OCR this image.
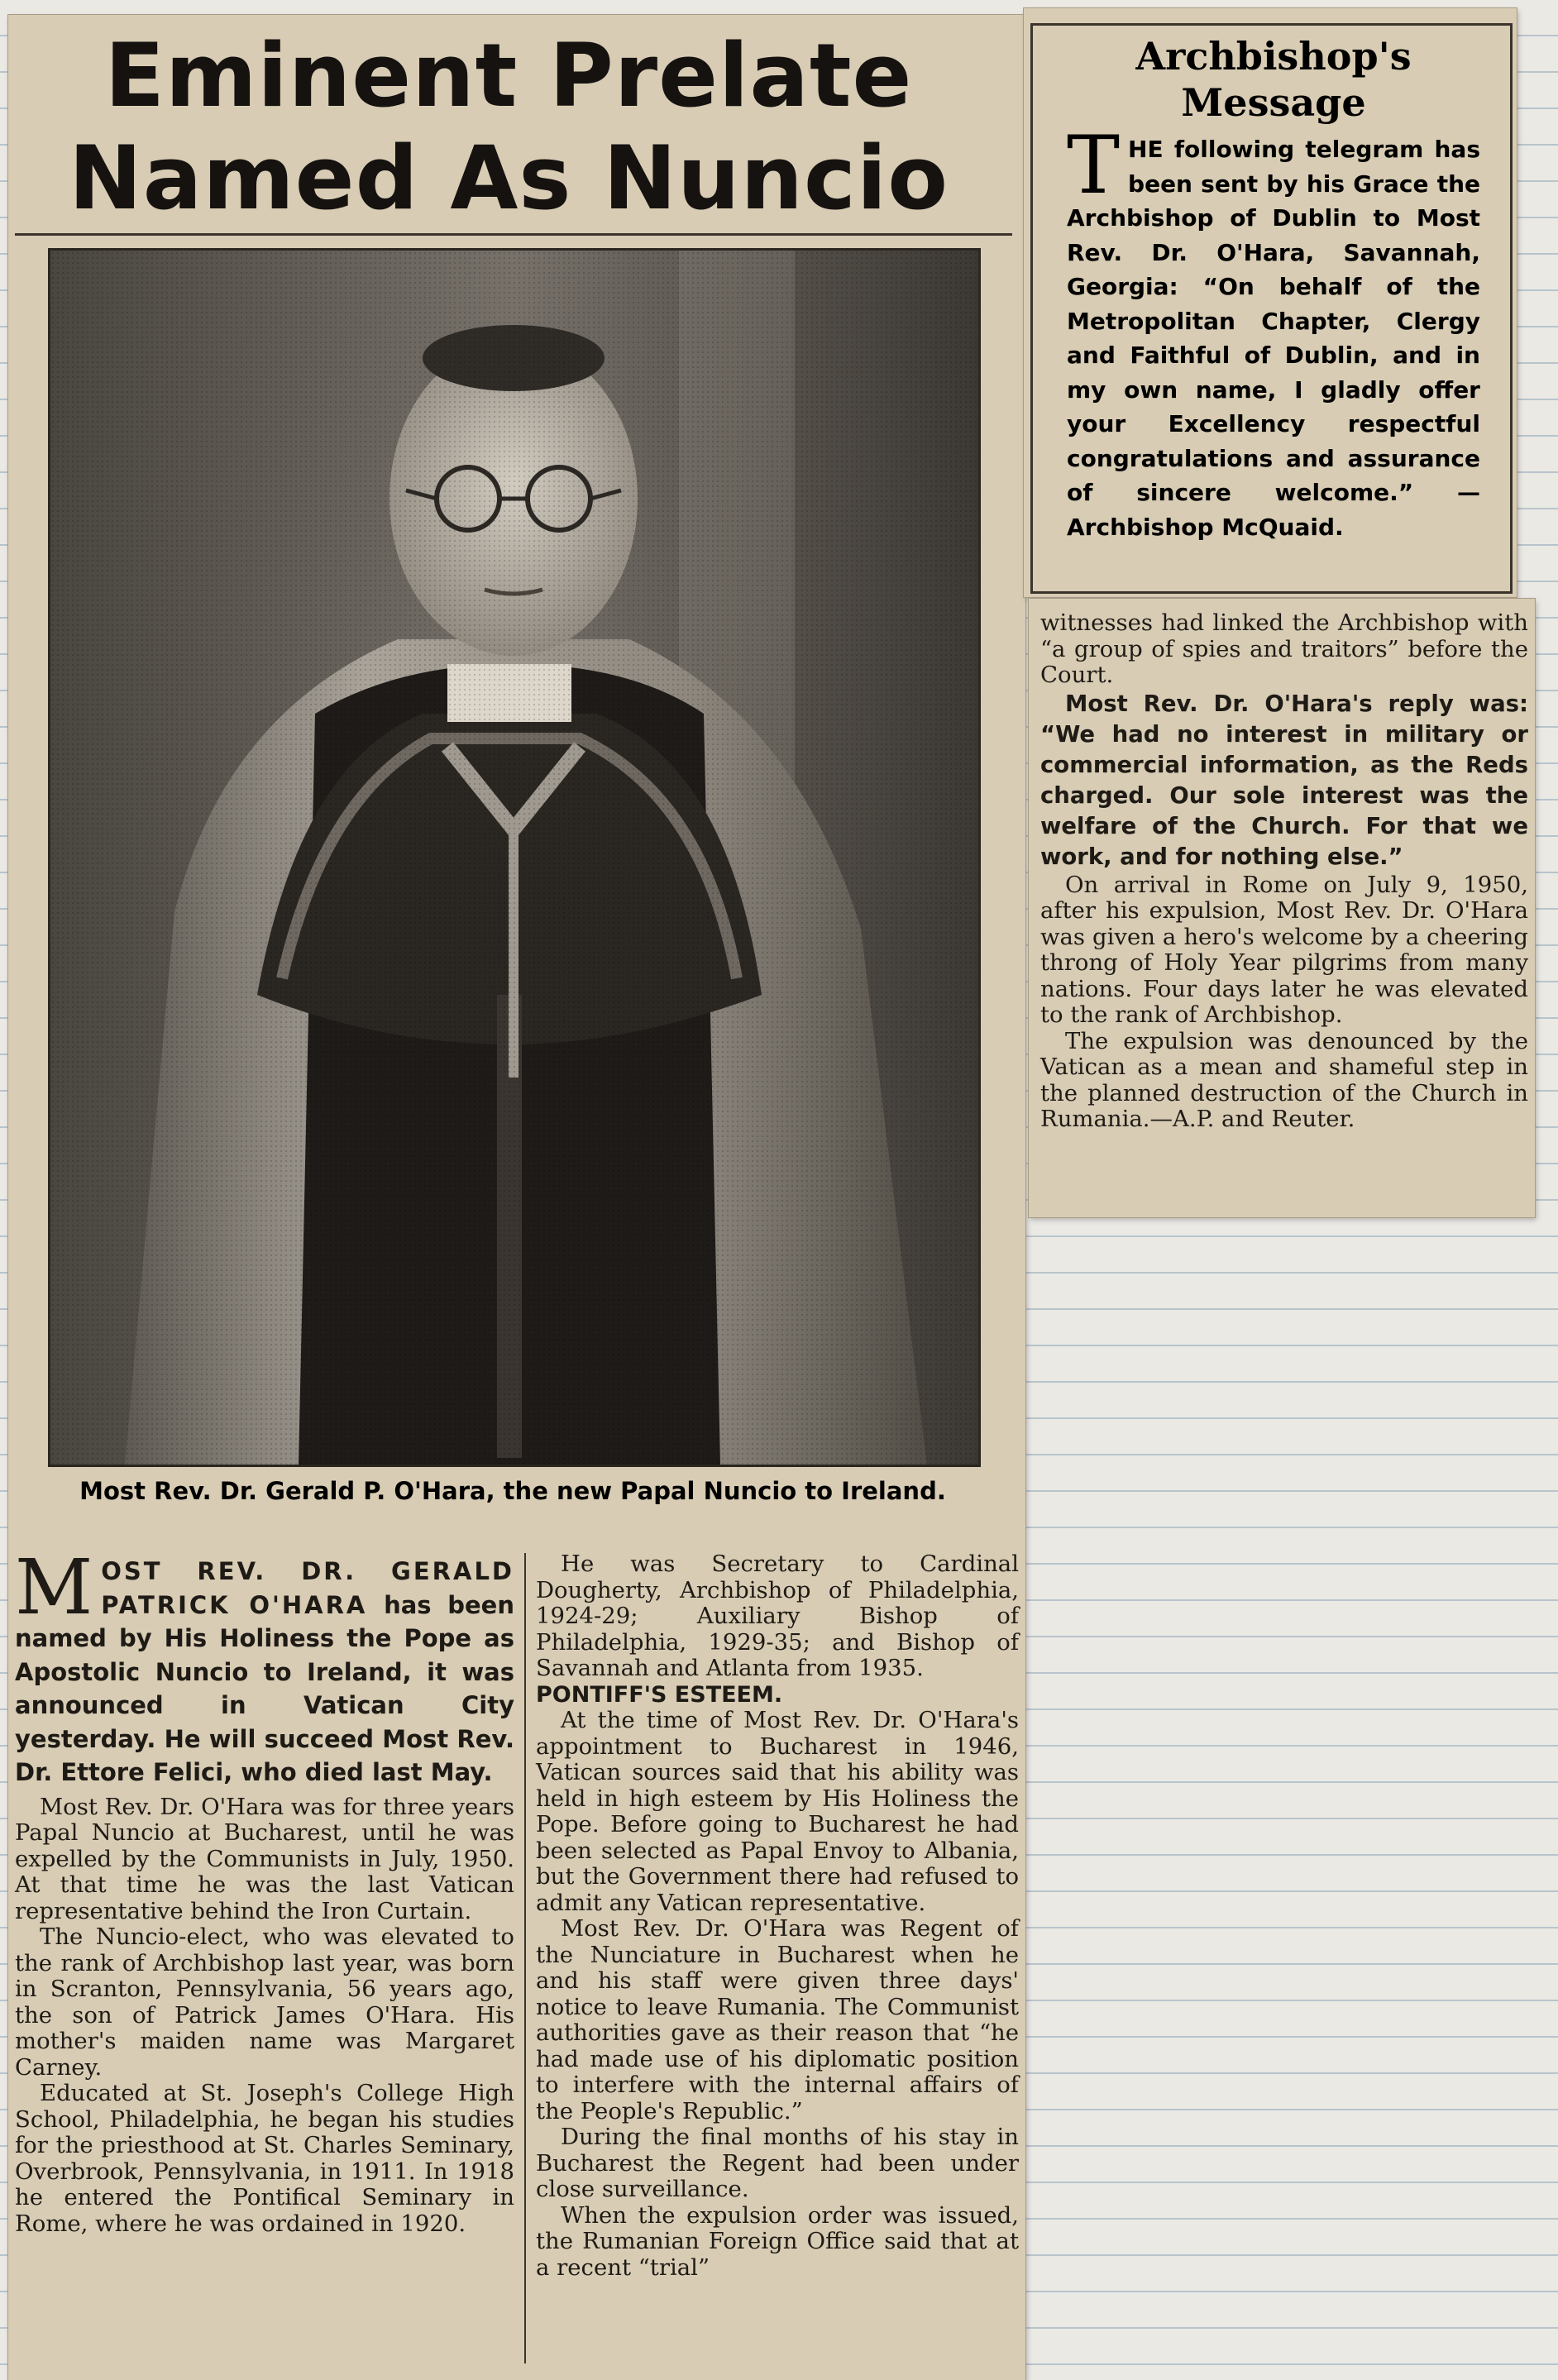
Eminent Prelate
Named As Nuncio
Most Rev. Dr. Gerald P. O'Hara, the new Papal Nuncio to Ireland.
Archbishop's
Message
T HE following telegram has been sent by his Grace the Archbishop of Dublin to Most Rev. Dr. O'Hara, Savannah, Georgia: “On behalf of the Metropolitan Chapter, Clergy and Faithful of Dublin, and in my own name, I gladly offer your Excellency respectful congratulations and assurance of sincere welcome.” —Archbishop McQuaid.

witnesses had linked the Archbishop with “a group of spies and traitors” before the Court.

Most Rev. Dr. O'Hara's reply was: “We had no interest in military or commercial information, as the Reds charged. Our sole interest was the welfare of the Church. For that we work, and for nothing else.”

On arrival in Rome on July 9, 1950, after his expulsion, Most Rev. Dr. O'Hara was given a hero's welcome by a cheering throng of Holy Year pilgrims from many nations. Four days later he was elevated to the rank of Archbishop.

The expulsion was denounced by the Vatican as a mean and shameful step in the planned destruction of the Church in Rumania.—A.P. and Reuter.

M OST REV. DR. GERALD PATRICK O'HARA has been named by His Holiness the Pope as Apostolic Nuncio to Ireland, it was announced in Vatican City yesterday. He will succeed Most Rev. Dr. Ettore Felici, who died last May.

Most Rev. Dr. O'Hara was for three years Papal Nuncio at Bucharest, until he was expelled by the Communists in July, 1950. At that time he was the last Vatican representative behind the Iron Curtain.

The Nuncio-elect, who was elevated to the rank of Archbishop last year, was born in Scranton, Pennsylvania, 56 years ago, the son of Patrick James O'Hara. His mother's maiden name was Margaret Carney.

Educated at St. Joseph's College High School, Philadelphia, he began his studies for the priesthood at St. Charles Seminary, Overbrook, Pennsylvania, in 1911. In 1918 he entered the Pontifical Seminary in Rome, where he was ordained in 1920.

He was Secretary to Cardinal Dougherty, Archbishop of Philadelphia, 1924-29; Auxiliary Bishop of Philadelphia, 1929-35; and Bishop of Savannah and Atlanta from 1935.

PONTIFF'S ESTEEM.

At the time of Most Rev. Dr. O'Hara's appointment to Bucharest in 1946, Vatican sources said that his ability was held in high esteem by His Holiness the Pope. Before going to Bucharest he had been selected as Papal Envoy to Albania, but the Government there had refused to admit any Vatican representative.

Most Rev. Dr. O'Hara was Regent of the Nunciature in Bucharest when he and his staff were given three days' notice to leave Rumania. The Communist authorities gave as their reason that “he had made use of his diplomatic position to interfere with the internal affairs of the People's Republic.”

During the final months of his stay in Bucharest the Regent had been under close surveillance.

When the expulsion order was issued, the Rumanian Foreign Office said that at a recent “trial”
